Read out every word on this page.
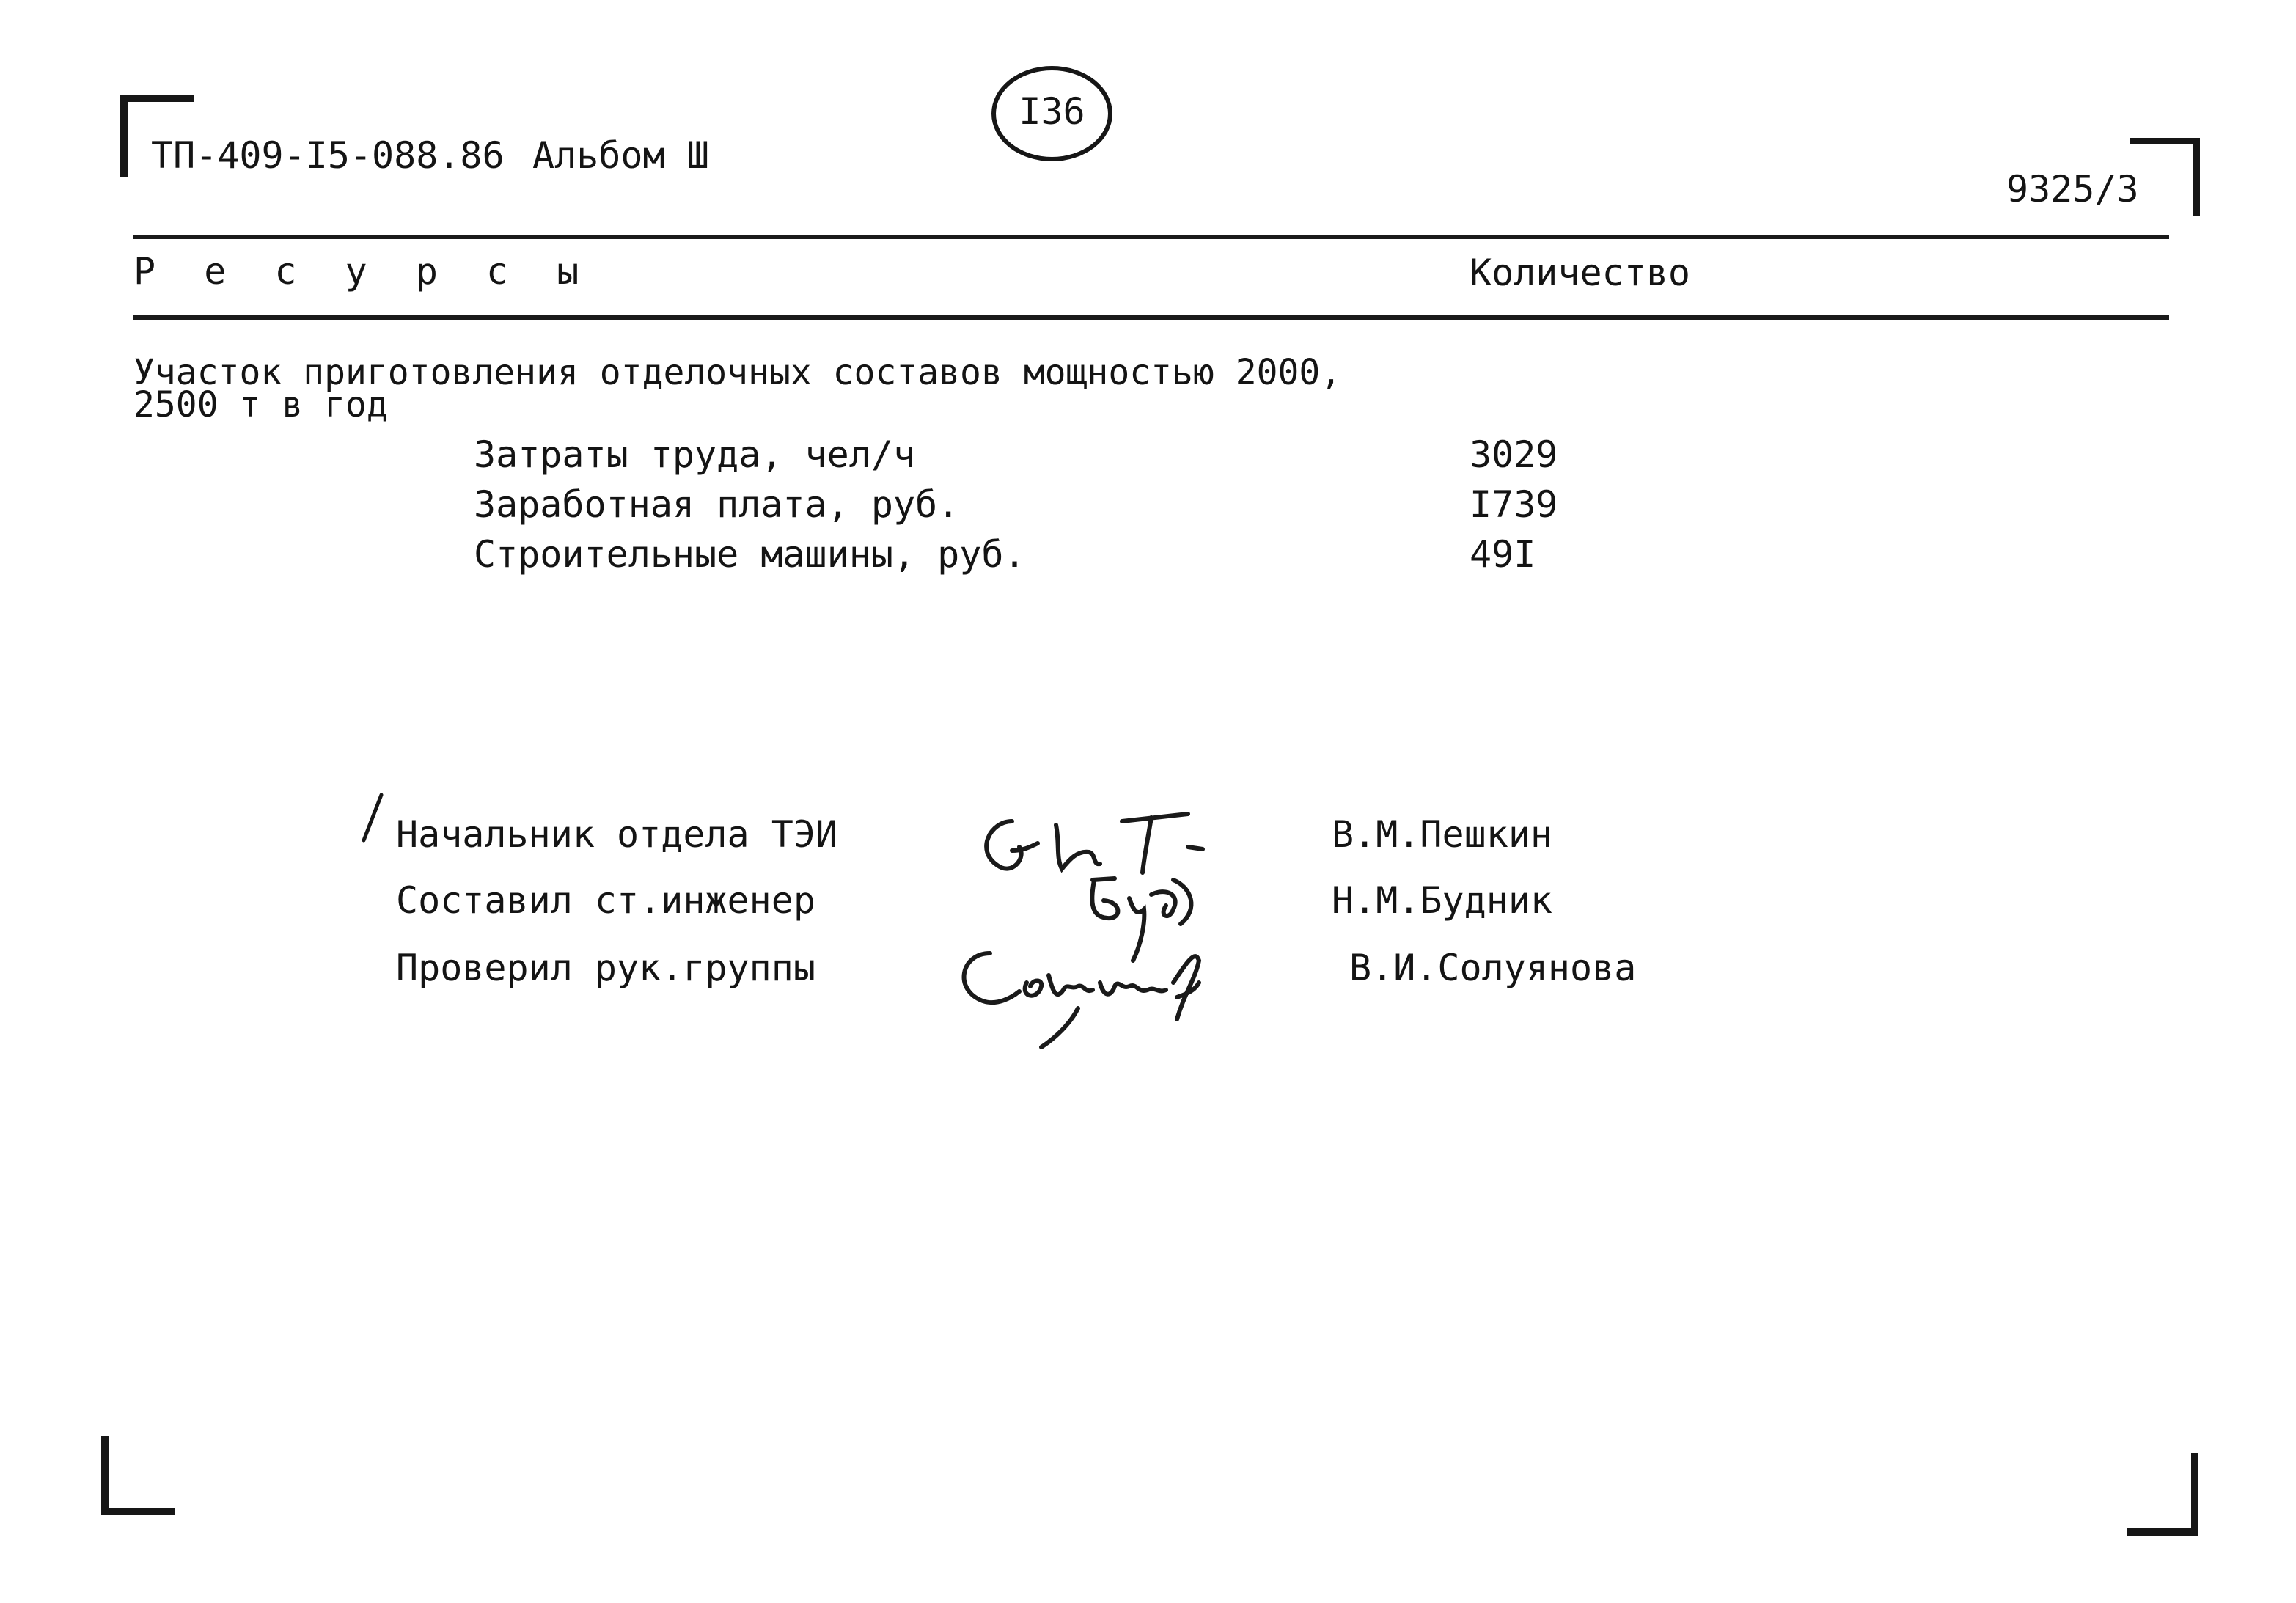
ТП-409-I5-088.86 Альбом Ш
I36
9325/3
Р е с у р с ы	Количество
Участок приготовления отделочных составов мощностью 2000,
2500 т в год
Затраты труда, чел/ч	3029
Заработная плата, руб.	I739
Строительные машины, руб.	49I
Начальник отдела ТЭИ	В.М.Пешкин
Составил ст.инженер	Н.М.Будник
Проверил рук.группы	В.И.Солуянова
